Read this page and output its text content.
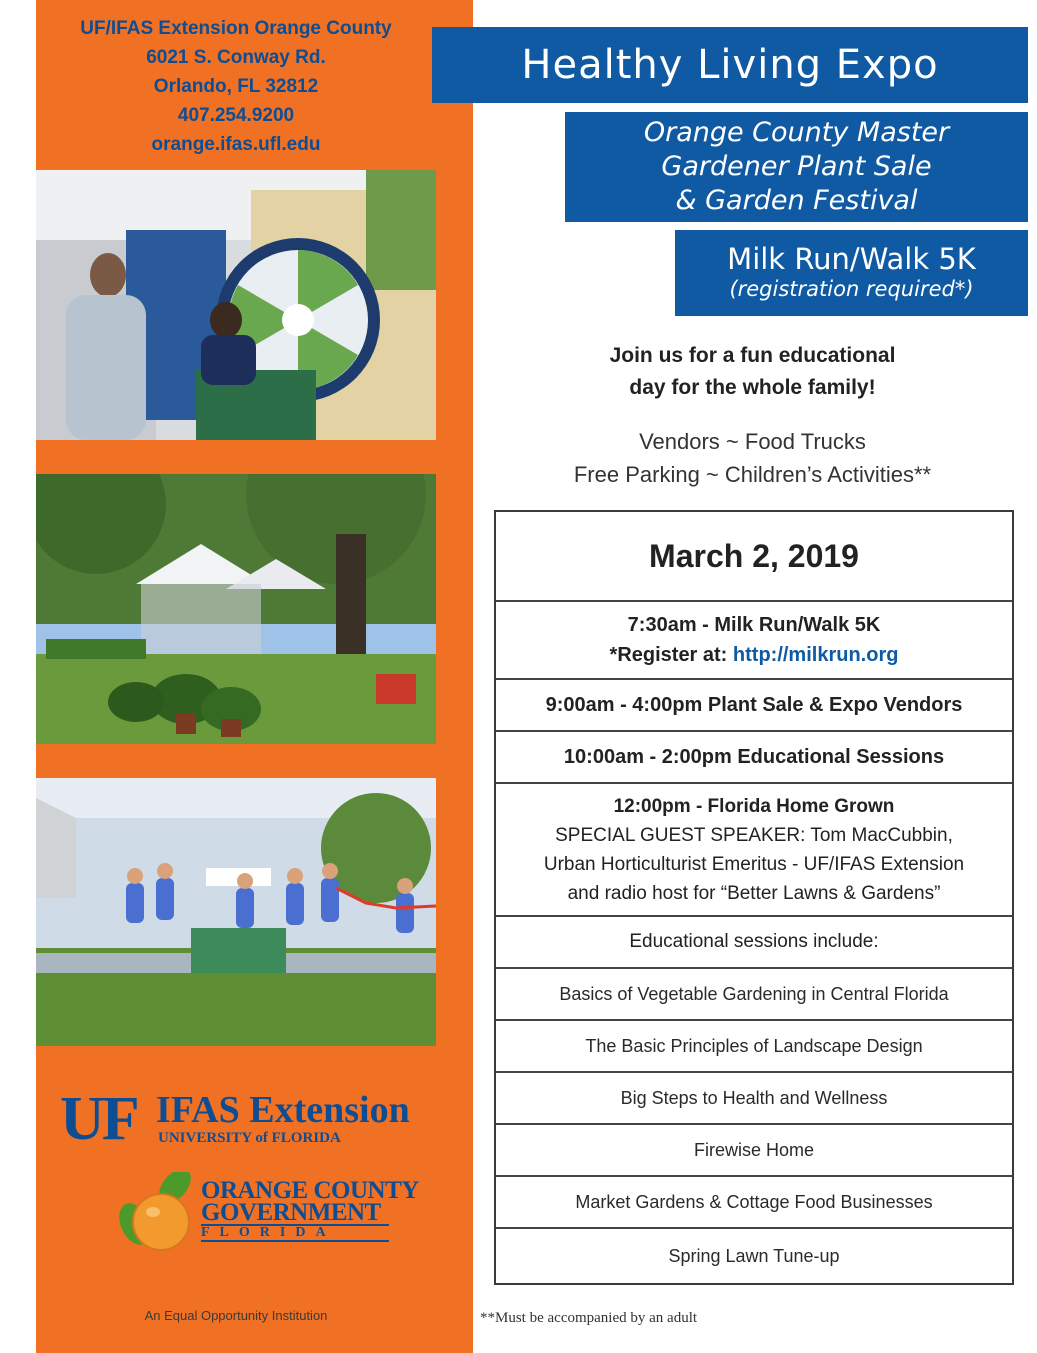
UF/IFAS Extension Orange County
6021 S. Conway Rd.
Orlando, FL 32812
407.254.9200
orange.ifas.ufl.edu
UF IFAS Extension
UNIVERSITY of FLORIDA
ORANGE COUNTY
GOVERNMENT
FLORIDA
An Equal Opportunity Institution
Healthy Living Expo
Orange County Master
Gardener Plant Sale
& Garden Festival
Milk Run/Walk 5K
(registration required*)
Join us for a fun educational
day for the whole family!
Vendors ~ Food Trucks
Free Parking ~ Children’s Activities**
March 2, 2019
7:30am - Milk Run/Walk 5K
*Register at: http://milkrun.org
9:00am - 4:00pm Plant Sale & Expo Vendors
10:00am - 2:00pm Educational Sessions
12:00pm - Florida Home Grown
SPECIAL GUEST SPEAKER: Tom MacCubbin,
Urban Horticulturist Emeritus - UF/IFAS Extension
and radio host for “Better Lawns & Gardens”
Educational sessions include:
Basics of Vegetable Gardening in Central Florida
The Basic Principles of Landscape Design
Big Steps to Health and Wellness
Firewise Home
Market Gardens & Cottage Food Businesses
Spring Lawn Tune-up
**Must be accompanied by an adult
